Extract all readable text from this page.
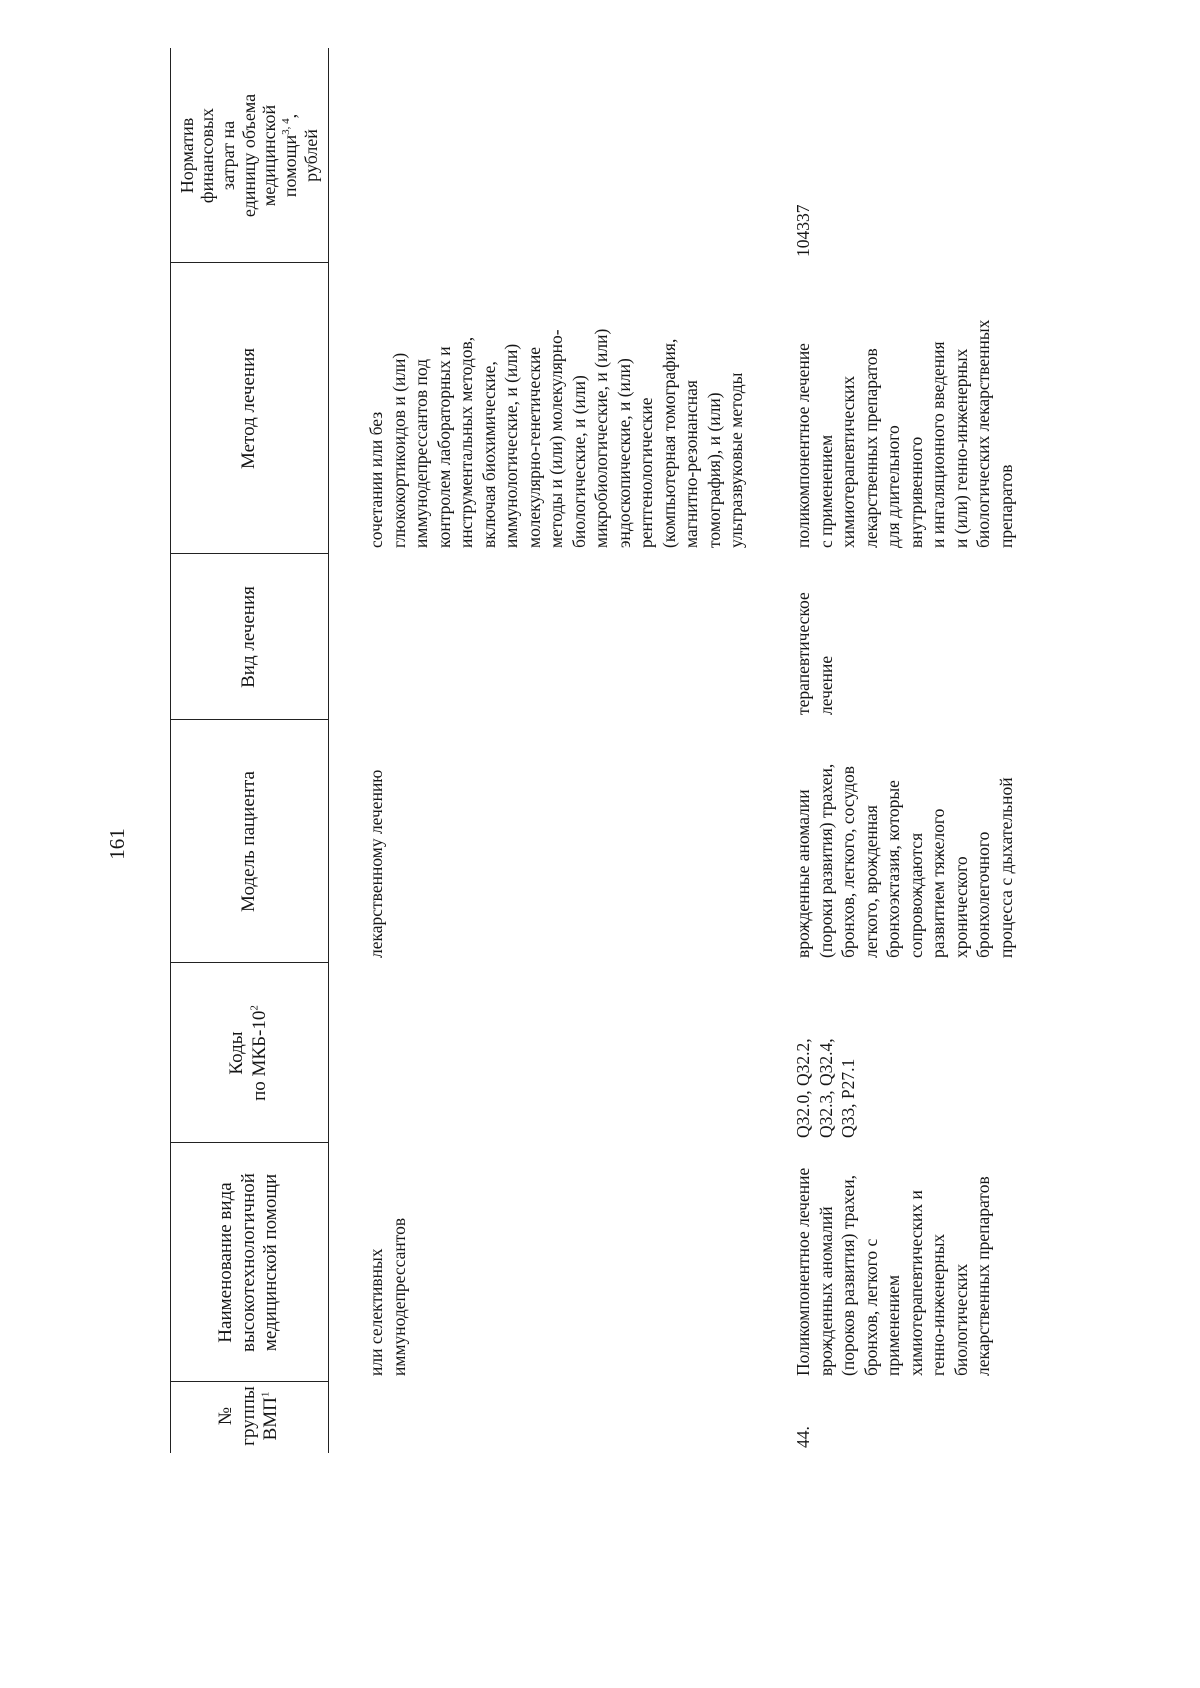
161
№
группы
ВМП$^1$
Наименование вида
высокотехнологичной
медицинской помощи
Коды
по МКБ-$10^2$
Модель пациента
Вид лечения
Метод лечения
Норматив
финансовых
затрат на
единицу объема
медицинской
помощи$^{3, 4}$,
рублей
или селективных
иммунодепрессантов
лекарственному лечению
сочетании или без
глюкокортикоидов и (или)
иммунодепрессантов под
контролем лабораторных и
инструментальных методов,
включая биохимические,
иммунологические, и (или)
молекулярно-генетические
методы и (или) молекулярно-
биологические, и (или)
микробиологические, и (или)
эндоскопические, и (или)
рентгенологические
(компьютерная томография,
магнитно-резонансная
томография), и (или)
ультразвуковые методы
44.
Поликомпонентное лечение
врожденных аномалий
(пороков развития) трахеи,
бронхов, легкого с
применением
химиотерапевтических и
генно-инженерных
биологических
лекарственных препаратов
Q32.0, Q32.2,
Q32.3, Q32.4,
Q33, P27.1
врожденные аномалии
(пороки развития) трахеи,
бронхов, легкого, сосудов
легкого, врожденная
бронхоэктазия, которые
сопровождаются
развитием тяжелого
хронического
бронхолегочного
процесса с дыхательной
терапевтическое
лечение
поликомпонентное лечение
с применением
химиотерапевтических
лекарственных препаратов
для длительного
внутривенного
и ингаляционного введения
и (или) генно-инженерных
биологических лекарственных
препаратов
104337
